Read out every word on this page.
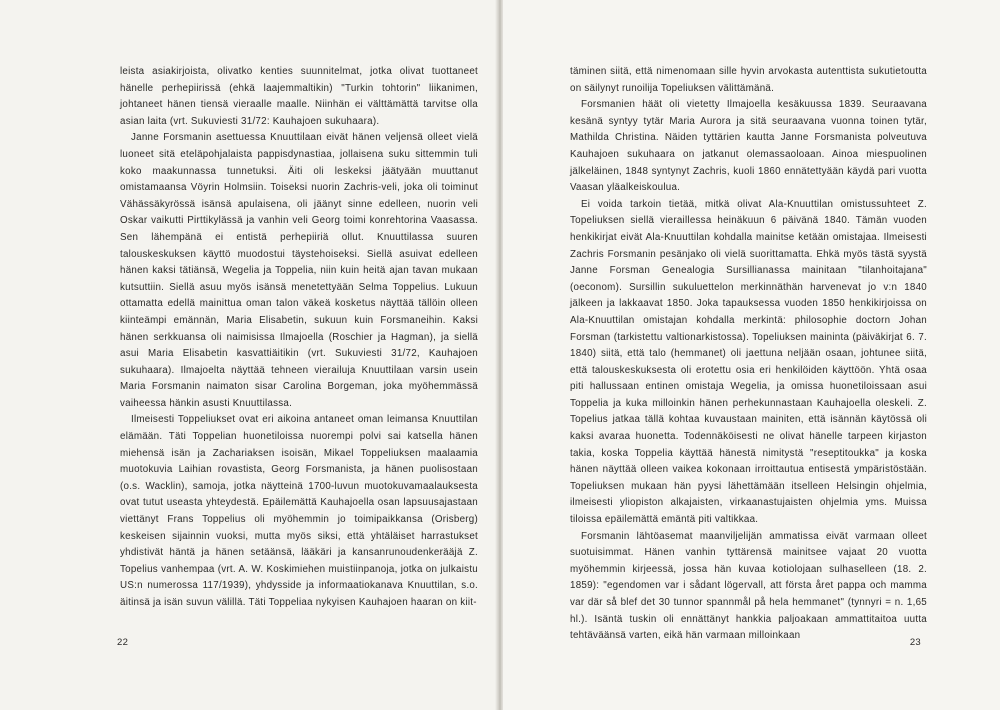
leista asiakirjoista, olivatko kenties suunnitelmat, jotka olivat tuottaneet hänelle perhepiirissä (ehkä laajemmaltikin) "Turkin tohtorin" liikanimen, johtaneet hänen tiensä vieraalle maalle. Niinhän ei välttämättä tarvitse olla asian laita (vrt. Sukuviesti 31/72: Kauhajoen sukuhaara).

Janne Forsmanin asettuessa Knuuttilaan eivät hänen veljensä olleet vielä luoneet sitä eteläpohjalaista pappisdynastiaa, jollaisena suku sittemmin tuli koko maakunnassa tunnetuksi. Äiti oli leskeksi jäätyään muuttanut omistamaansa Vöyrin Holmsiin. Toiseksi nuorin Zachris-veli, joka oli toiminut Vähässäkyrössä isänsä apulaisena, oli jäänyt sinne edelleen, nuorin veli Oskar vaikutti Pirttikylässä ja vanhin veli Georg toimi konrehtorina Vaasassa. Sen lähempänä ei entistä perhepiiriä ollut. Knuuttilassa suuren talouskeskuksen käyttö muodostui täystehoiseksi. Siellä asuivat edelleen hänen kaksi tätiänsä, Wegelia ja Toppelia, niin kuin heitä ajan tavan mukaan kutsuttiin. Siellä asuu myös isänsä menetettyään Selma Toppelius. Lukuun ottamatta edellä mainittua oman talon väkeä kosketus näyttää tällöin olleen kiinteämpi emännän, Maria Elisabetin, sukuun kuin Forsmaneihin. Kaksi hänen serkkuansa oli naimisissa Ilmajoella (Roschier ja Hagman), ja siellä asui Maria Elisabetin kasvattiäitikin (vrt. Sukuviesti 31/72, Kauhajoen sukuhaara). Ilmajoelta näyttää tehneen vierailuja Knuuttilaan varsin usein Maria Forsmanin naimaton sisar Carolina Borgeman, joka myöhemmässä vaiheessa hänkin asusti Knuuttilassa.

Ilmeisesti Toppeliukset ovat eri aikoina antaneet oman leimansa Knuuttilan elämään. Täti Toppelian huonetiloissa nuorempi polvi sai katsella hänen miehensä isän ja Zachariaksen isoisän, Mikael Toppeliuksen maalaamia muotokuvia Laihian rovastista, Georg Forsmanista, ja hänen puolisostaan (o.s. Wacklin), samoja, jotka näytteinä 1700-luvun muotokuvamaalauksesta ovat tutut useasta yhteydestä. Epäilemättä Kauhajoella osan lapsuusajastaan viettänyt Frans Toppelius oli myöhemmin jo toimipaikkansa (Orisberg) keskeisen sijainnin vuoksi, mutta myös siksi, että yhtäläiset harrastukset yhdistivät häntä ja hänen setäänsä, lääkäri ja kansanrunoudenkerääjä Z. Topelius vanhempaa (vrt. A. W. Koskimiehen muistiinpanoja, jotka on julkaistu US:n numerossa 117/1939), yhdysside ja informaatiokanava Knuuttilan, s.o. äitinsä ja isän suvun välillä. Täti Toppeliaa nykyisen Kauhajoen haaran on kiit-

22

täminen siitä, että nimenomaan sille hyvin arvokasta autenttista sukutietoutta on säilynyt runoilija Topeliuksen välittämänä.

Forsmanien häät oli vietetty Ilmajoella kesäkuussa 1839. Seuraavana kesänä syntyy tytär Maria Aurora ja sitä seuraavana vuonna toinen tytär, Mathilda Christina. Näiden tyttärien kautta Janne Forsmanista polveutuva Kauhajoen sukuhaara on jatkanut olemassaoloaan. Ainoa miespuolinen jälkeläinen, 1848 syntynyt Zachris, kuoli 1860 ennätettyään käydä pari vuotta Vaasan yläalkeiskoulua.

Ei voida tarkoin tietää, mitkä olivat Ala-Knuuttilan omistussuhteet Z. Topeliuksen siellä vieraillessa heinäkuun 6 päivänä 1840. Tämän vuoden henkikirjat eivät Ala-Knuuttilan kohdalla mainitse ketään omistajaa. Ilmeisesti Zachris Forsmanin pesänjako oli vielä suorittamatta. Ehkä myös tästä syystä Janne Forsman Genealogia Sursillianassa mainitaan "tilanhoitajana" (oeconom). Sursillin sukuluettelon merkinnäthän harvenevat jo v:n 1840 jälkeen ja lakkaavat 1850. Joka tapauksessa vuoden 1850 henkikirjoissa on Ala-Knuuttilan omistajan kohdalla merkintä: philosophie doctorn Johan Forsman (tarkistettu valtionarkistossa). Topeliuksen maininta (päiväkirjat 6. 7. 1840) siitä, että talo (hemmanet) oli jaettuna neljään osaan, johtunee siitä, että talouskeskuksesta oli erotettu osia eri henkilöiden käyttöön. Yhtä osaa piti hallussaan entinen omistaja Wegelia, ja omissa huonetiloissaan asui Toppelia ja kuka milloinkin hänen perhekunnastaan Kauhajoella oleskeli. Z. Topelius jatkaa tällä kohtaa kuvaustaan mainiten, että isännän käytössä oli kaksi avaraa huonetta. Todennäköisesti ne olivat hänelle tarpeen kirjaston takia, koska Toppelia käyttää hänestä nimitystä "reseptitoukka" ja koska hänen näyttää olleen vaikea kokonaan irroittautua entisestä ympäristöstään. Topeliuksen mukaan hän pyysi lähettämään itselleen Helsingin ohjelmia, ilmeisesti yliopiston alkajaisten, virkaanastujaisten ohjelmia yms. Muissa tiloissa epäilemättä emäntä piti valtikkaa.

Forsmanin lähtöasemat maanviljelijän ammatissa eivät varmaan olleet suotuisimmat. Hänen vanhin tyttärensä mainitsee vajaat 20 vuotta myöhemmin kirjeessä, jossa hän kuvaa kotiolojaan sulhaselleen (18. 2. 1859): "egendomen var i sådant lögervall, att första året pappa och mamma var där så blef det 30 tunnor spannmål på hela hemmanet" (tynnyri = n. 1,65 hl.). Isäntä tuskin oli ennättänyt hankkia paljoakaan ammattitaitoa uutta tehtäväänsä varten, eikä hän varmaan milloinkaan

23
